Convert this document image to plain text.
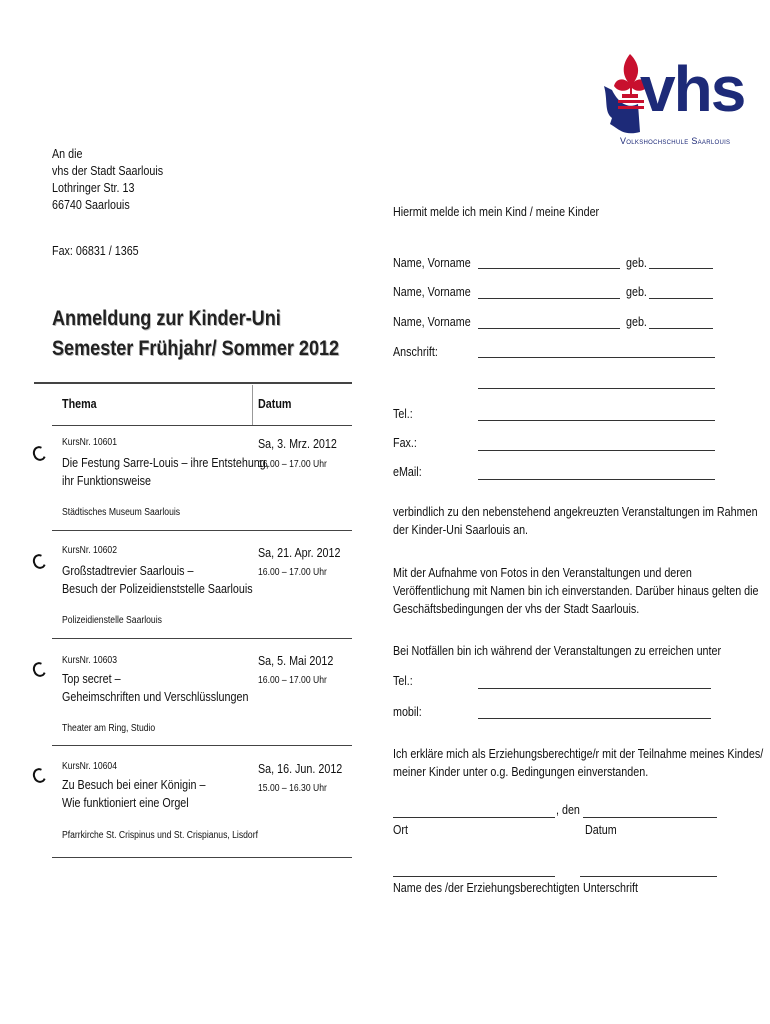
vhs
Volkshochschule Saarlouis
An die
vhs der Stadt Saarlouis
Lothringer Str. 13
66740 Saarlouis
Fax: 06831 / 1365
Anmeldung zur Kinder-Uni
Semester Frühjahr/ Sommer 2012
Thema	Datum
KursNr. 10601
Die Festung Sarre-Louis – ihre Entstehung,
ihr Funktionsweise
Sa, 3. Mrz. 2012
16.00 – 17.00 Uhr
Städtisches Museum Saarlouis
KursNr. 10602
Großstadtrevier Saarlouis –
Besuch der Polizeidienststelle Saarlouis
Sa, 21. Apr. 2012
16.00 – 17.00 Uhr
Polizeidienstelle Saarlouis
KursNr. 10603
Top secret –
Geheimschriften und Verschlüsslungen
Sa, 5. Mai 2012
16.00 – 17.00 Uhr
Theater am Ring, Studio
KursNr. 10604
Zu Besuch bei einer Königin –
Wie funktioniert eine Orgel
Sa, 16. Jun. 2012
15.00 – 16.30 Uhr
Pfarrkirche St. Crispinus und St. Crispianus, Lisdorf
Hiermit melde ich mein Kind / meine Kinder
Name, Vorname	geb.
Name, Vorname	geb.
Name, Vorname	geb.
Anschrift:
Tel.:
Fax.:
eMail:
verbindlich zu den nebenstehend angekreuzten Veranstaltungen im Rahmen
der Kinder-Uni Saarlouis an.
Mit der Aufnahme von Fotos in den Veranstaltungen und deren
Veröffentlichung mit Namen bin ich einverstanden. Darüber hinaus gelten die
Geschäftsbedingungen der vhs der Stadt Saarlouis.
Bei Notfällen bin ich während der Veranstaltungen zu erreichen unter
Tel.:
mobil:
Ich erkläre mich als Erziehungsberechtige/r mit der Teilnahme meines Kindes/
meiner Kinder unter o.g. Bedingungen einverstanden.
, den
Ort	Datum
Name des /der Erziehungsberechtigten Unterschrift
